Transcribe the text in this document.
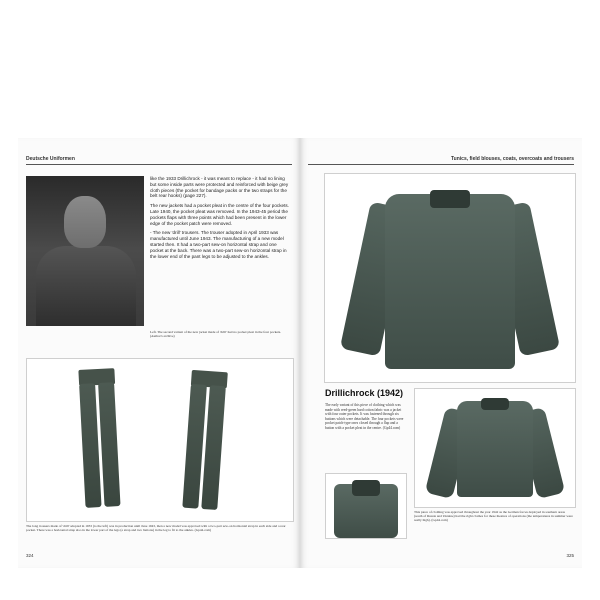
Deutsche Uniformen

like the 1933 Drillichrock - it was meant to replace - it had no lining but some inside parts were protected and reinforced with beige grey cloth pieces (the pocket for bandage packs or the two straps for the belt rear hooks) (page 227).

The new jackets had a pocket pleat in the centre of the four pockets. Late 1940, the pocket pleat was removed. In the 1943-45 period the pockets flaps with three points which had been present in the lower edge of the pocket patch were removed.

- The new 'drill' trousers. The trouser adopted in April 1933 was manufactured until June 1943. The manufacturing of a new model started then. It had a two-part sew-on horizontal strap and one pocket at the back. There was a two-part sew-on horizontal strap in the lower end of the pant legs to be adjusted to the ankles.

Left. The second variant of the new jacket made of 'drill' had no pocket pleat in the four pockets. (Author's archive)
The long trousers made of 'drill' adopted in 1933 (to the left) was in production until June 1943, then a new model was approved with a two-part sew-on horizontal strap in each side and a rear pocket. There was a horizontal strap also in the lower part of the legs (a strap and two buttons) in the leg to fit to the ankles. (Gp44.com)
324
Tunics, field blouses, coats, overcoats and trousers
Drillichrock (1942)
The early variant of this piece of clothing which was made with reed-green hard cotton fabric was a jacket with four outer pockets. It was fastened through six buttons which were detachable. The four pockets were pocket patch-type ones closed through a flap and a button with a pocket pleat in the centre. (Gp44.com)
This piece of clothing was approved throughout the year 1942 as the German forces deployed in southern areas (south of Russia and Ukraine) had the right clothes for these theatres of operations (the temperatures in summer were really high). (Gp44.com)
325
